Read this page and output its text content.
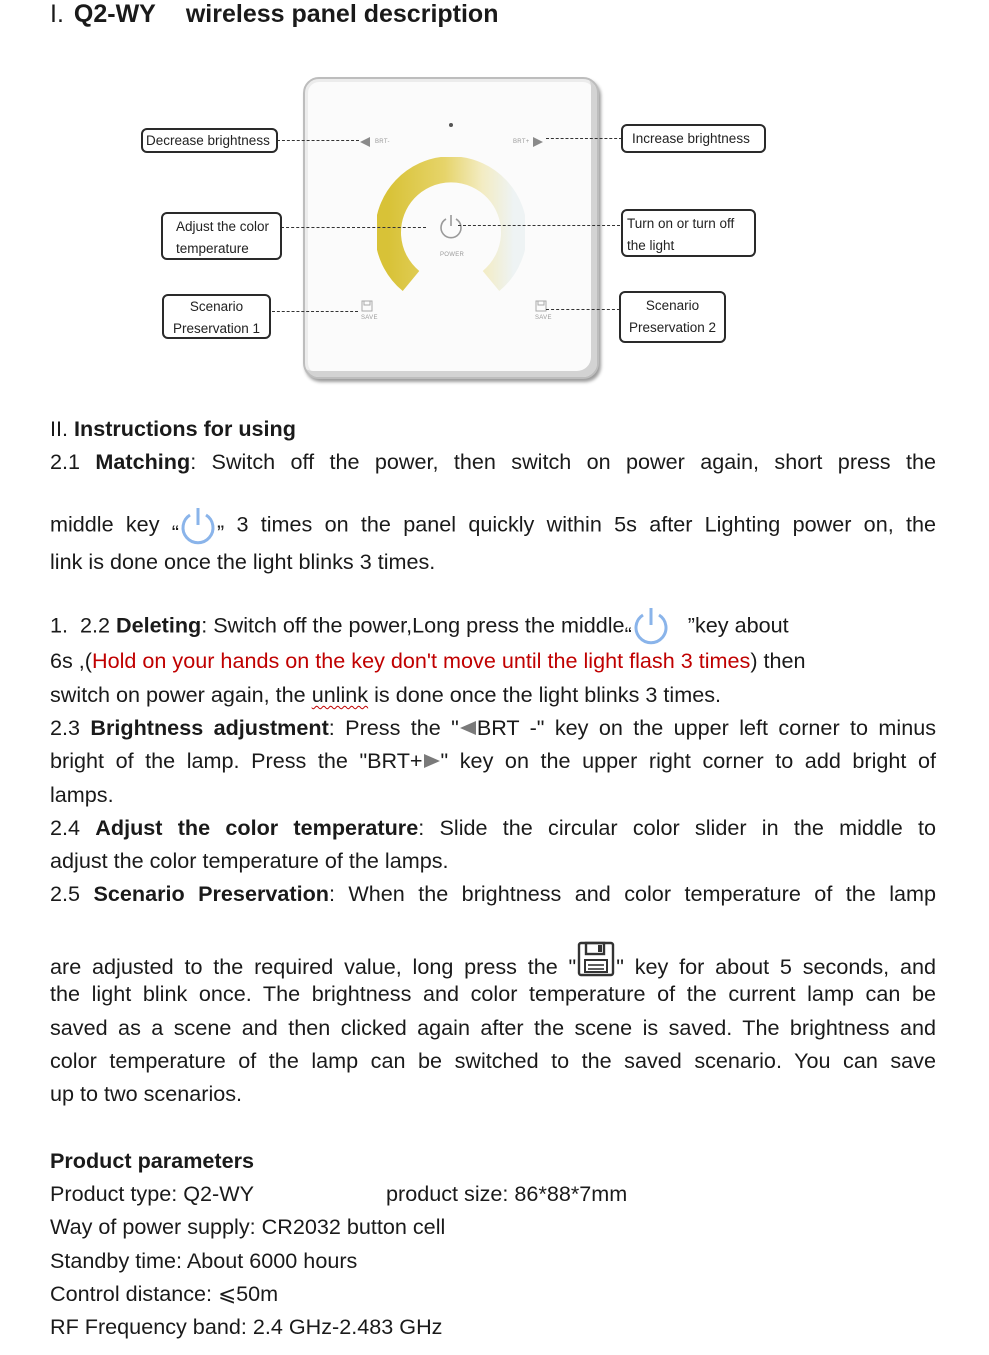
I. Q2-WY wireless panel description
BRT-	BRT+
POWER
SAVE	SAVE
Decrease brightness	Increase brightness
Adjust the color
temperature
Turn on or turn off
the light
Scenario
Preservation 1
Scenario
Preservation 2
II. Instructions for using
2.1 Matching: Switch off the power, then switch on power again, short press the
middle key “ ” 3 times on the panel quickly within 5s after Lighting power on, the
link is done once the light blinks 3 times.
1. 2.2 Deleting: Switch off the power,Long press the middle“   ”key about
6s ,(Hold on your hands on the key don't move until the light flash 3 times) then
switch on power again, the unlink is done once the light blinks 3 times.
2.3 Brightness adjustment: Press the " BRT -" key on the upper left corner to minus
bright of the lamp. Press the "BRT+ " key on the upper right corner to add bright of
lamps.
2.4 Adjust the color temperature: Slide the circular color slider in the middle to
adjust the color temperature of the lamps.
2.5 Scenario Preservation: When the brightness and color temperature of the lamp
are adjusted to the required value, long press the " " key for about 5 seconds, and
the light blink once. The brightness and color temperature of the current lamp can be
saved as a scene and then clicked again after the scene is saved. The brightness and
color temperature of the lamp can be switched to the saved scenario. You can save
up to two scenarios.
Product parameters
Product type: Q2-WY	product size: 86*88*7mm
Way of power supply: CR2032 button cell
Standby time: About 6000 hours
Control distance: ⩽50m
RF Frequency band: 2.4 GHz-2.483 GHz
